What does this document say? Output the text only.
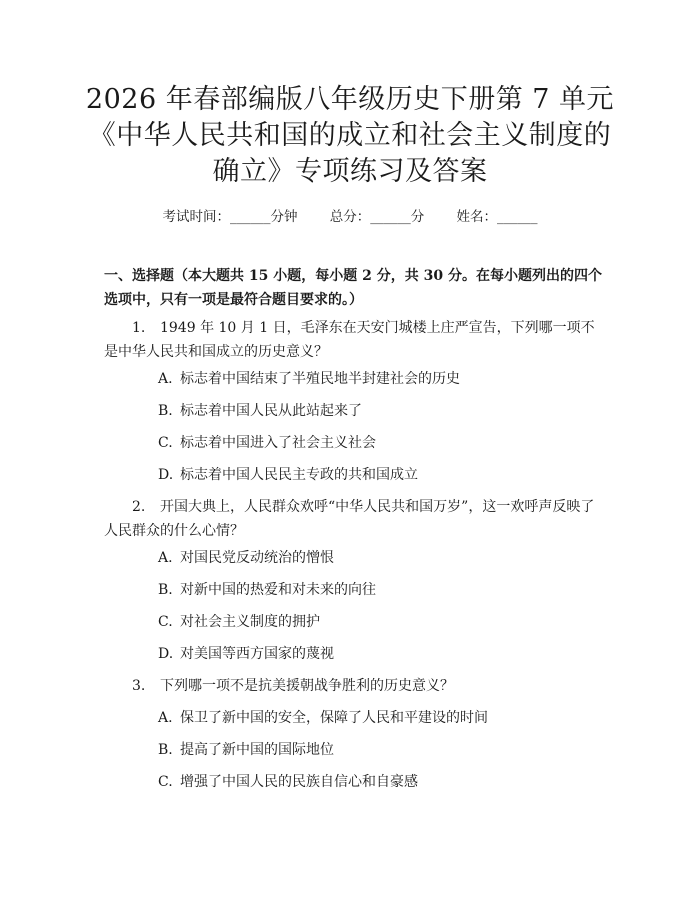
2026 年春部编版八年级历史下册第 7 单元
《中华人民共和国的成立和社会主义制度的
确立》专项练习及答案
考试时间：______分钟 总分：______分 姓名：______

一、选择题（本大题共 15 小题，每小题 2 分，共 30 分。在每小题列出的四个选项中，只有一项是最符合题目要求的。）

1. 1949 年 10 月 1 日，毛泽东在天安门城楼上庄严宣告，下列哪一项不是中华人民共和国成立的历史意义？
A. 标志着中国结束了半殖民地半封建社会的历史
B. 标志着中国人民从此站起来了
C. 标志着中国进入了社会主义社会
D. 标志着中国人民民主专政的共和国成立
2. 开国大典上，人民群众欢呼“中华人民共和国万岁”，这一欢呼声反映了人民群众的什么心情？
A. 对国民党反动统治的憎恨
B. 对新中国的热爱和对未来的向往
C. 对社会主义制度的拥护
D. 对美国等西方国家的蔑视
3. 下列哪一项不是抗美援朝战争胜利的历史意义？
A. 保卫了新中国的安全，保障了人民和平建设的时间
B. 提高了新中国的国际地位
C. 增强了中国人民的民族自信心和自豪感
